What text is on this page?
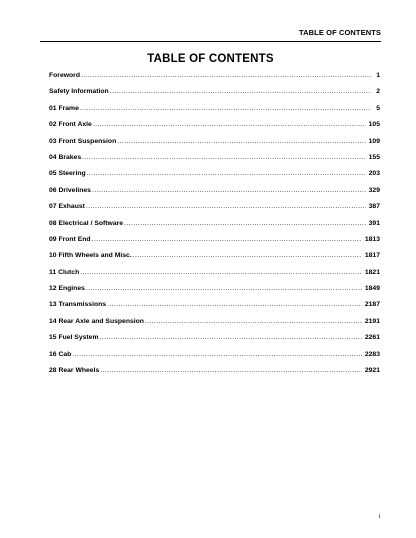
TABLE OF CONTENTS
TABLE OF CONTENTS
Foreword .....	1
Safety Information .....	2
01 Frame .....	5
02 Front Axle .....	105
03 Front Suspension .....	109
04 Brakes .....	155
05 Steering .....	203
06 Drivelines .....	329
07 Exhaust .....	387
08 Electrical / Software .....	391
09 Front End .....	1813
10 Fifth Wheels and Misc. .....	1817
11 Clutch .....	1821
12 Engines .....	1849
13 Transmissions .....	2187
14 Rear Axle and Suspension .....	2191
15 Fuel System .....	2261
16 Cab .....	2283
28 Rear Wheels .....	2921
i
